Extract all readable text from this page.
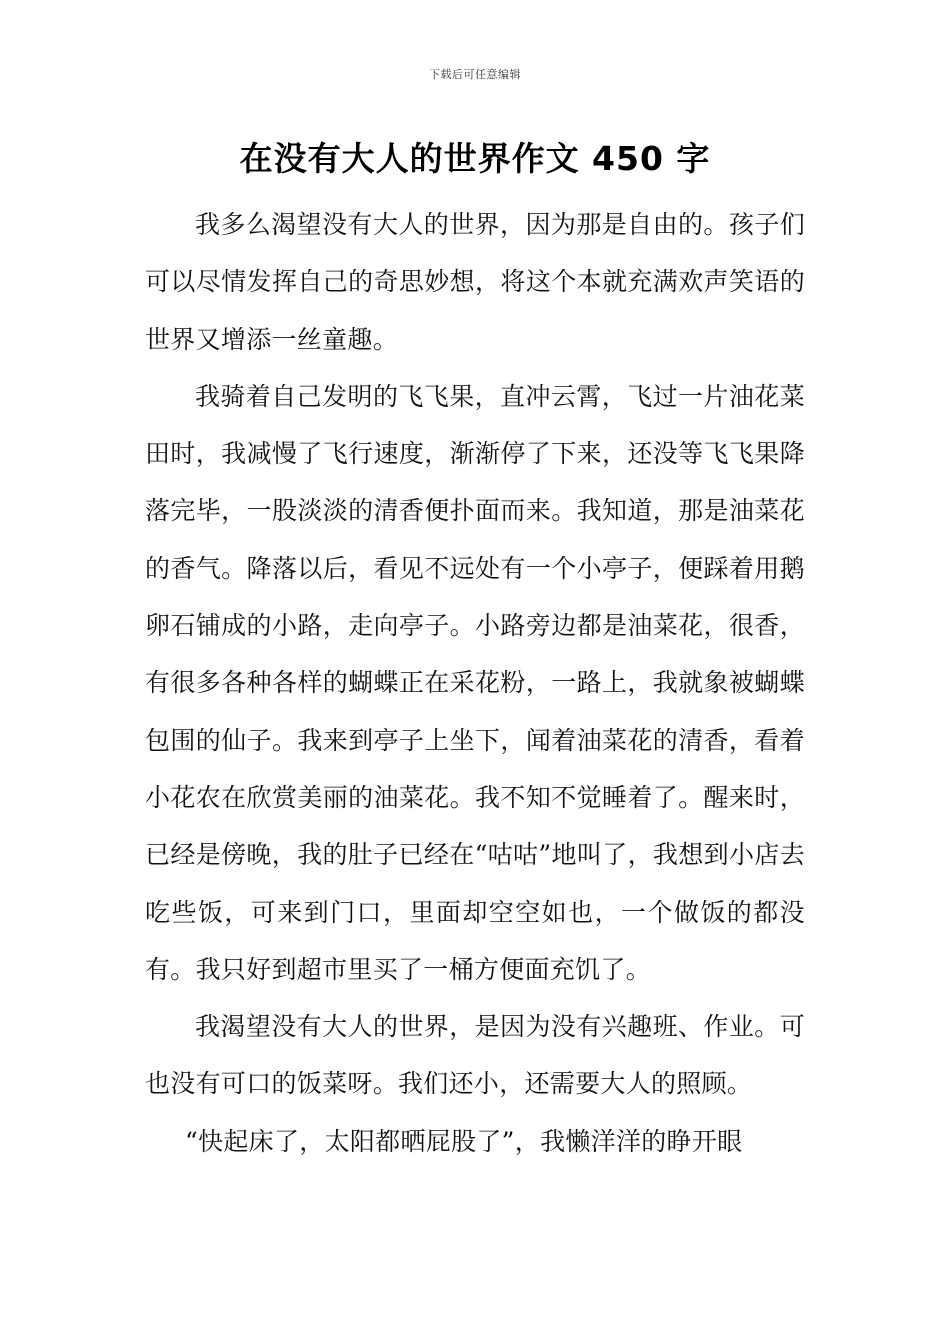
下载后可任意编辑
在没有大人的世界作文 450 字

我多么渴望没有大人的世界，因为那是自由的。孩子们可以尽情发挥自己的奇思妙想，将这个本就充满欢声笑语的世界又增添一丝童趣。

我骑着自己发明的飞飞果，直冲云霄，飞过一片油花菜田时，我减慢了飞行速度，渐渐停了下来，还没等飞飞果降落完毕，一股淡淡的清香便扑面而来。我知道，那是油菜花的香气。降落以后，看见不远处有一个小亭子，便踩着用鹅卵石铺成的小路，走向亭子。小路旁边都是油菜花，很香，有很多各种各样的蝴蝶正在采花粉，一路上，我就象被蝴蝶包围的仙子。我来到亭子上坐下，闻着油菜花的清香，看着小花农在欣赏美丽的油菜花。我不知不觉睡着了。醒来时，已经是傍晚，我的肚子已经在“咕咕”地叫了，我想到小店去吃些饭，可来到门口，里面却空空如也，一个做饭的都没有。我只好到超市里买了一桶方便面充饥了。

我渴望没有大人的世界，是因为没有兴趣班、作业。可也没有可口的饭菜呀。我们还小，还需要大人的照顾。

“快起床了，太阳都晒屁股了”，我懒洋洋的睁开眼
